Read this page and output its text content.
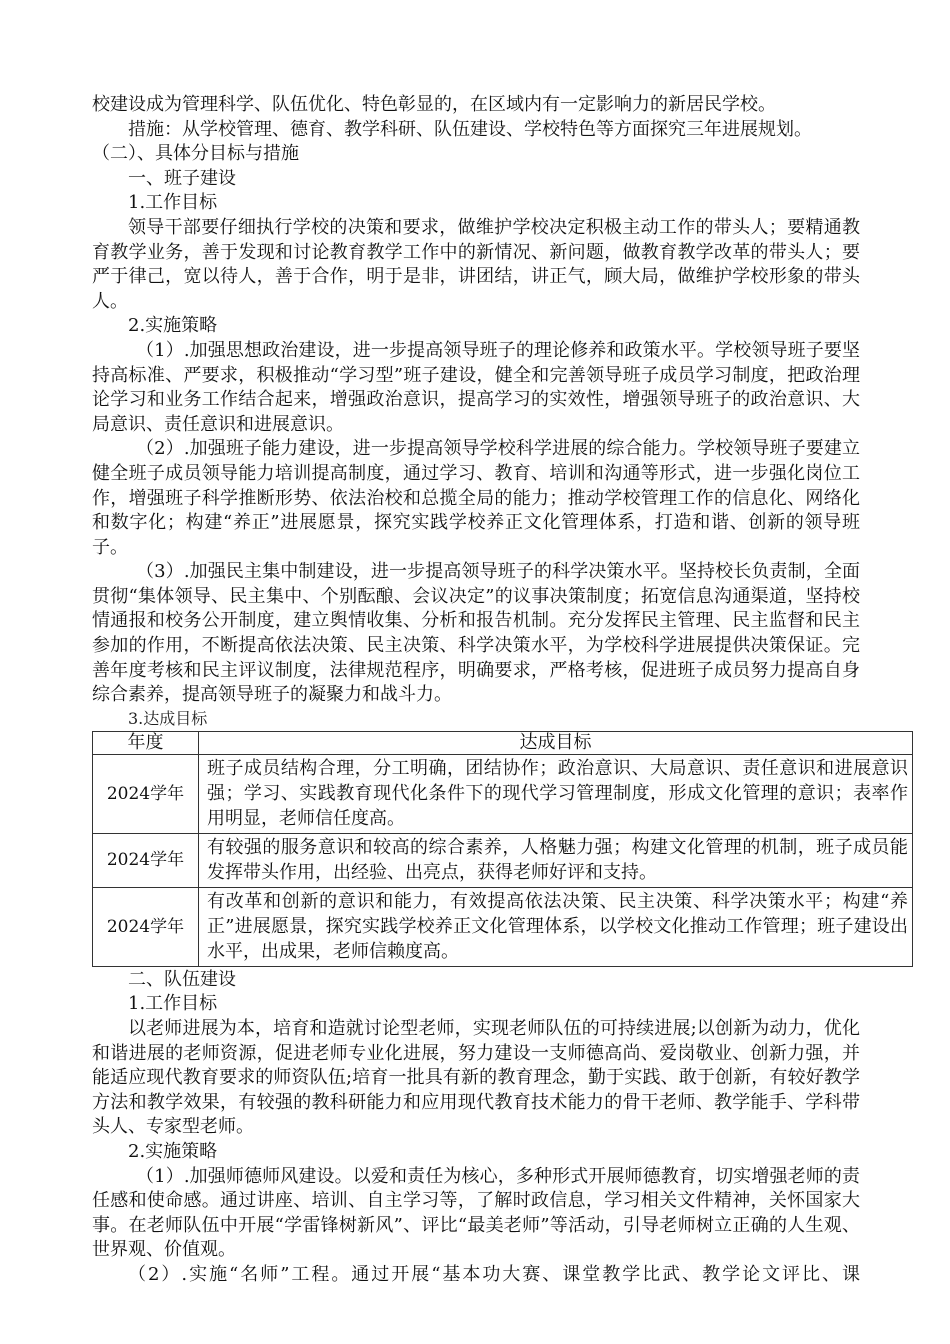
校建设成为管理科学、队伍优化、特色彰显的，在区域内有一定影响力的新居民学校。

措施：从学校管理、德育、教学科研、队伍建设、学校特色等方面探究三年进展规划。

（二）、具体分目标与措施

一、班子建设

1.工作目标

领导干部要仔细执行学校的决策和要求，做维护学校决定积极主动工作的带头人；要精通教育教学业务，善于发现和讨论教育教学工作中的新情况、新问题，做教育教学改革的带头人；要严于律己，宽以待人，善于合作，明于是非，讲团结，讲正气，顾大局，做维护学校形象的带头人。

2.实施策略

（1）.加强思想政治建设，进一步提高领导班子的理论修养和政策水平。学校领导班子要坚持高标准、严要求，积极推动“学习型”班子建设，健全和完善领导班子成员学习制度，把政治理论学习和业务工作结合起来，增强政治意识，提高学习的实效性，增强领导班子的政治意识、大局意识、责任意识和进展意识。

（2）.加强班子能力建设，进一步提高领导学校科学进展的综合能力。学校领导班子要建立健全班子成员领导能力培训提高制度，通过学习、教育、培训和沟通等形式，进一步强化岗位工作，增强班子科学推断形势、依法治校和总揽全局的能力；推动学校管理工作的信息化、网络化和数字化；构建“养正”进展愿景，探究实践学校养正文化管理体系，打造和谐、创新的领导班子。

（3）.加强民主集中制建设，进一步提高领导班子的科学决策水平。坚持校长负责制，全面贯彻“集体领导、民主集中、个别酝酿、会议决定”的议事决策制度；拓宽信息沟通渠道，坚持校情通报和校务公开制度，建立舆情收集、分析和报告机制。充分发挥民主管理、民主监督和民主参加的作用，不断提高依法决策、民主决策、科学决策水平，为学校科学进展提供决策保证。完善年度考核和民主评议制度，法律规范程序，明确要求，严格考核，促进班子成员努力提高自身综合素养，提高领导班子的凝聚力和战斗力。

3.达成目标

年度	达成目标
2024学年	班子成员结构合理，分工明确，团结协作；政治意识、大局意识、责任意识和进展意识强；学习、实践教育现代化条件下的现代学习管理制度，形成文化管理的意识；表率作用明显，老师信任度高。
2024学年	有较强的服务意识和较高的综合素养，人格魅力强；构建文化管理的机制，班子成员能发挥带头作用，出经验、出亮点，获得老师好评和支持。
2024学年	有改革和创新的意识和能力，有效提高依法决策、民主决策、科学决策水平；构建“养正”进展愿景，探究实践学校养正文化管理体系，以学校文化推动工作管理；班子建设出水平，出成果，老师信赖度高。

二、队伍建设

1.工作目标

以老师进展为本，培育和造就讨论型老师，实现老师队伍的可持续进展;以创新为动力，优化和谐进展的老师资源，促进老师专业化进展，努力建设一支师德高尚、爱岗敬业、创新力强，并能适应现代教育要求的师资队伍;培育一批具有新的教育理念，勤于实践、敢于创新，有较好教学方法和教学效果，有较强的教科研能力和应用现代教育技术能力的骨干老师、教学能手、学科带头人、专家型老师。

2.实施策略

（1）.加强师德师风建设。以爱和责任为核心，多种形式开展师德教育，切实增强老师的责任感和使命感。通过讲座、培训、自主学习等，了解时政信息，学习相关文件精神，关怀国家大事。在老师队伍中开展“学雷锋树新风”、评比“最美老师”等活动，引导老师树立正确的人生观、世界观、价值观。

（2）.实施“名师”工程。通过开展“基本功大赛、课堂教学比武、教学论文评比、课
